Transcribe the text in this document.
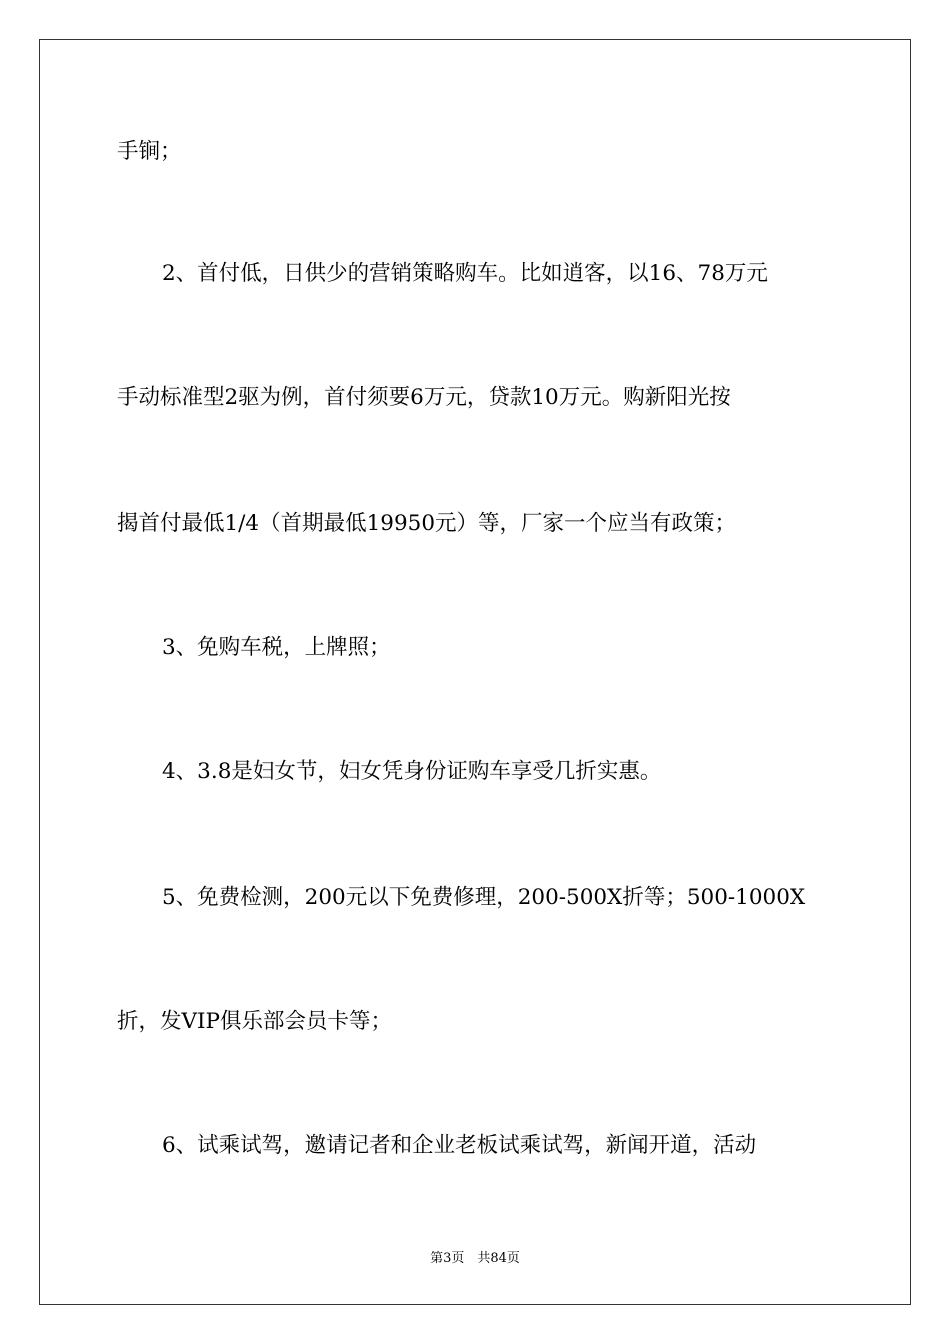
手锏；

2、首付低，日供少的营销策略购车。比如逍客，以16、78万元

手动标准型2驱为例，首付须要6万元，贷款10万元。购新阳光按

揭首付最低1/4（首期最低19950元）等，厂家一个应当有政策；

3、免购车税，上牌照；

4、3.8是妇女节，妇女凭身份证购车享受几折实惠。

5、免费检测，200元以下免费修理，200-500X折等；500-1000X

折，发VIP俱乐部会员卡等；

6、试乘试驾，邀请记者和企业老板试乘试驾，新闻开道，活动

第3页　共84页
